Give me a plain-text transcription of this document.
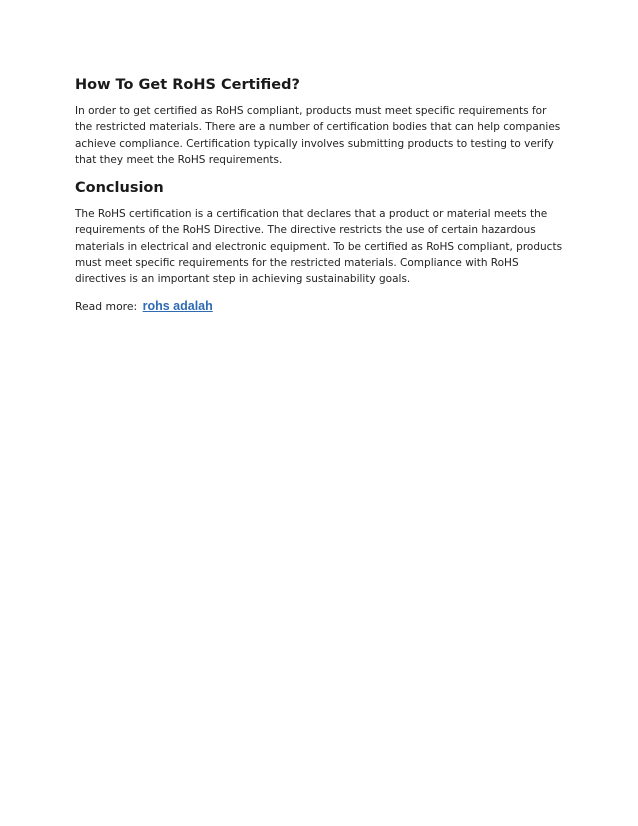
How To Get RoHS Certified?

In order to get certified as RoHS compliant, products must meet specific requirements for the restricted materials. There are a number of certification bodies that can help companies achieve compliance. Certification typically involves submitting products to testing to verify that they meet the RoHS requirements.

Conclusion

The RoHS certification is a certification that declares that a product or material meets the requirements of the RoHS Directive. The directive restricts the use of certain hazardous materials in electrical and electronic equipment. To be certified as RoHS compliant, products must meet specific requirements for the restricted materials. Compliance with RoHS directives is an important step in achieving sustainability goals.

Read more: rohs adalah
